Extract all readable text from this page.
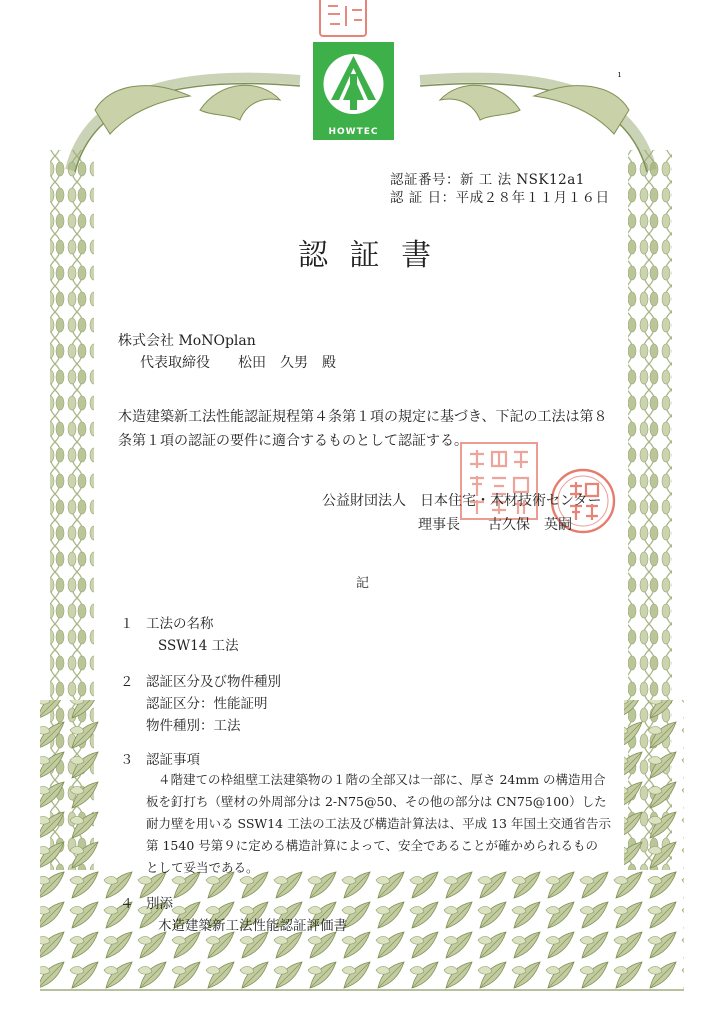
HOWTEC
ı
認証番号：新 工 法 NSK12a1
認 証 日：平成２８年１１月１６日
認 証 書
株式会社 MoNOplan
代表取締役　　松田　久男　殿
木造建築新工法性能認証規程第４条第１項の規定に基づき、下記の工法は第８
条第１項の認証の要件に適合するものとして認証する。
公益財団法人　日本住宅・木材技術センター
理事長　　古久保　英嗣
記
１ 工法の名称
SSW14 工法
２ 認証区分及び物件種別
認証区分：性能証明
物件種別：工法
３ 認証事項
４階建ての枠組壁工法建築物の１階の全部又は一部に、厚さ 24mm の構造用合
板を釘打ち（壁材の外周部分は 2-N75@50、その他の部分は CN75@100）した
耐力壁を用いる SSW14 工法の工法及び構造計算法は、平成 13 年国土交通省告示
第 1540 号第９に定める構造計算によって、安全であることが確かめられるもの
として妥当である。
４ 別添
木造建築新工法性能認証評価書
